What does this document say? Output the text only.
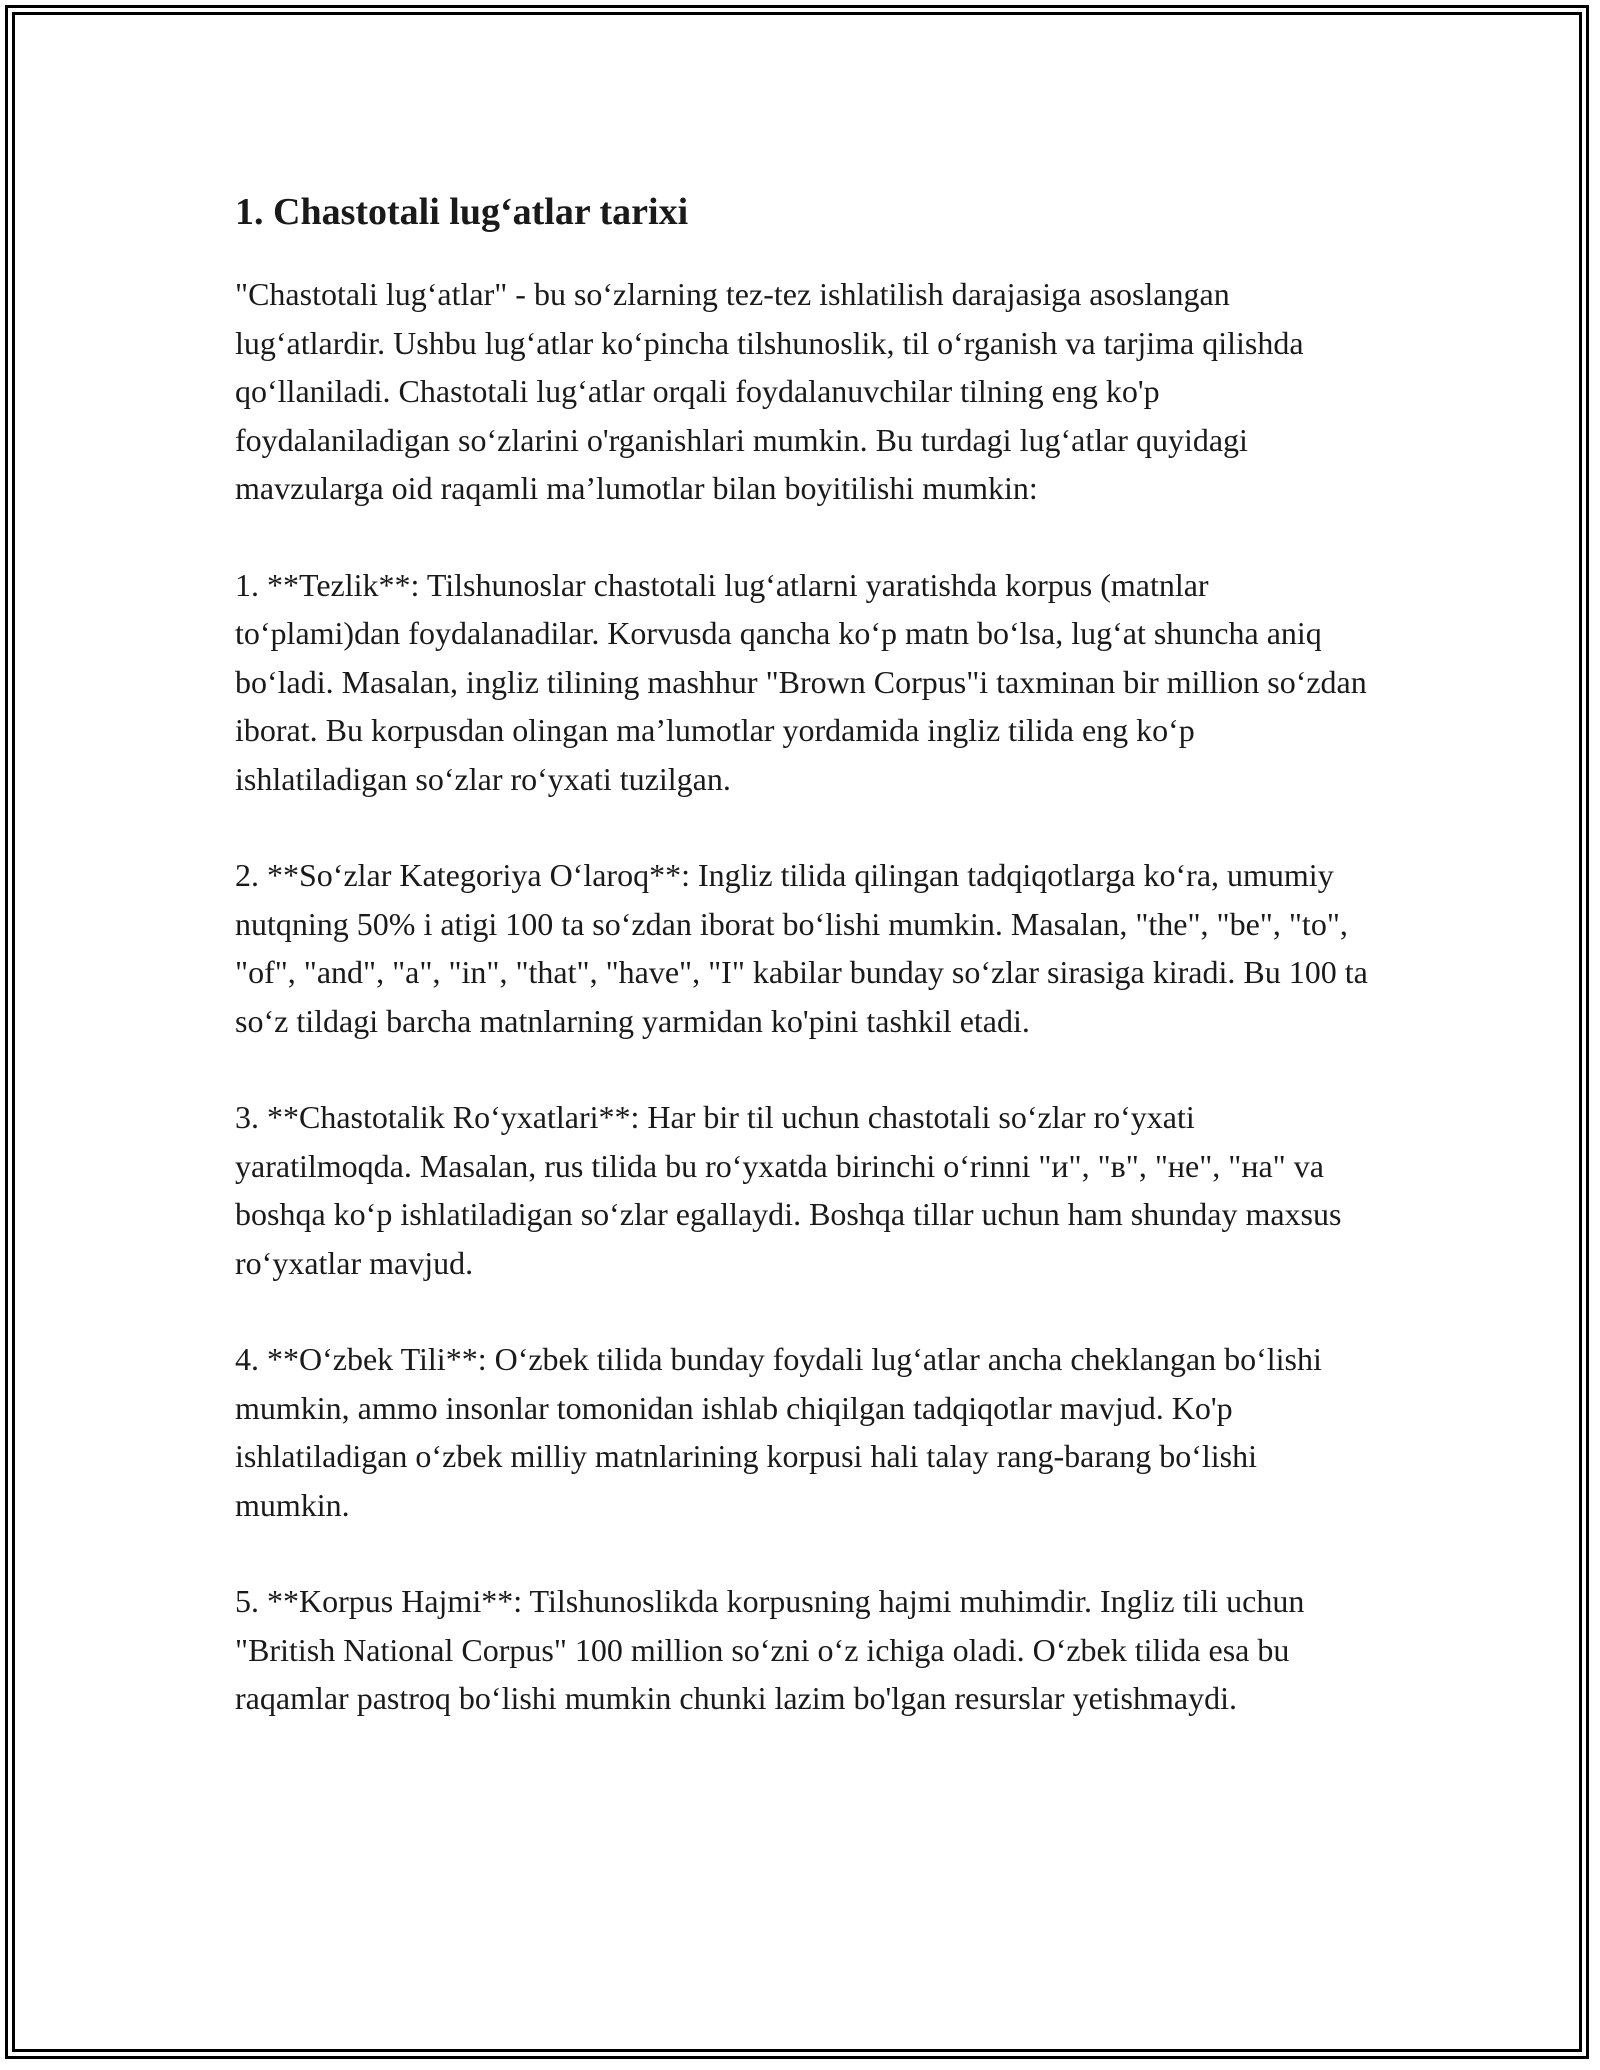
1. Chastotali lug‘atlar tarixi

"Chastotali lug‘atlar" - bu so‘zlarning tez-tez ishlatilish darajasiga asoslangan lug‘atlardir. Ushbu lug‘atlar ko‘pincha tilshunoslik, til o‘rganish va tarjima qilishda qo‘llaniladi. Chastotali lug‘atlar orqali foydalanuvchilar tilning eng ko'p foydalaniladigan so‘zlarini o'rganishlari mumkin. Bu turdagi lug‘atlar quyidagi mavzularga oid raqamli ma’lumotlar bilan boyitilishi mumkin:

1. **Tezlik**: Tilshunoslar chastotali lug‘atlarni yaratishda korpus (matnlar to‘plami)dan foydalanadilar. Korvusda qancha ko‘p matn bo‘lsa, lug‘at shuncha aniq bo‘ladi. Masalan, ingliz tilining mashhur "Brown Corpus"i taxminan bir million so‘zdan iborat. Bu korpusdan olingan ma’lumotlar yordamida ingliz tilida eng ko‘p ishlatiladigan so‘zlar ro‘yxati tuzilgan.

2. **So‘zlar Kategoriya O‘laroq**: Ingliz tilida qilingan tadqiqotlarga ko‘ra, umumiy nutqning 50% i atigi 100 ta so‘zdan iborat bo‘lishi mumkin. Masalan, "the", "be", "to", "of", "and", "a", "in", "that", "have", "I" kabilar bunday so‘zlar sirasiga kiradi. Bu 100 ta so‘z tildagi barcha matnlarning yarmidan ko'pini tashkil etadi.

3. **Chastotalik Ro‘yxatlari**: Har bir til uchun chastotali so‘zlar ro‘yxati yaratilmoqda. Masalan, rus tilida bu ro‘yxatda birinchi o‘rinni "и", "в", "не", "на" va boshqa ko‘p ishlatiladigan so‘zlar egallaydi. Boshqa tillar uchun ham shunday maxsus ro‘yxatlar mavjud.

4. **O‘zbek Tili**: O‘zbek tilida bunday foydali lug‘atlar ancha cheklangan bo‘lishi mumkin, ammo insonlar tomonidan ishlab chiqilgan tadqiqotlar mavjud. Ko'p ishlatiladigan o‘zbek milliy matnlarining korpusi hali talay rang-barang bo‘lishi mumkin.

5. **Korpus Hajmi**: Tilshunoslikda korpusning hajmi muhimdir. Ingliz tili uchun "British National Corpus" 100 million so‘zni o‘z ichiga oladi. O‘zbek tilida esa bu raqamlar pastroq bo‘lishi mumkin chunki lazim bo'lgan resurslar yetishmaydi.
